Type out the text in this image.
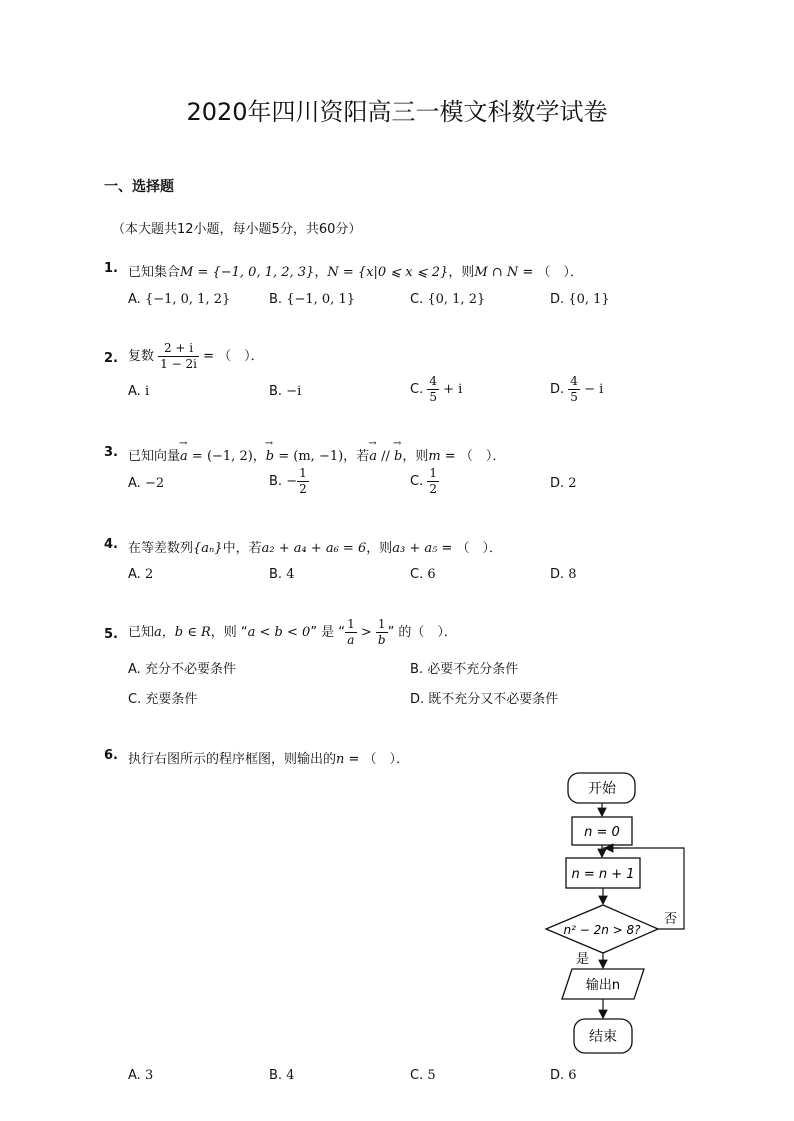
2020年四川资阳高三一模文科数学试卷
一、选择题
（本大题共12小题，每小题5分，共60分）
1. 已知集合M = {−1, 0, 1, 2, 3}，N = {x|0 ⩽ x ⩽ 2}，则M ∩ N = （　）．
A. {−1, 0, 1, 2}	B. {−1, 0, 1}	C. {0, 1, 2}	D. {0, 1}
2. 复数 $\frac{2 + i}{1 - 2i}$ = （　）．
A. i	B. −i	C. $\frac{4}{5} + i$	D. $\frac{4}{5} - i$
3. 已知向量→ a = (−1, 2)，→ b = (m, −1)，若→ a // → b，则m = （　）．
A. −2	B. − $\frac{1}{2}$	C. $\frac{1}{2}$	D. 2
4. 在等差数列{aₙ}中，若a₂ + a₄ + a₆ = 6，则a₃ + a₅ = （　）．
A. 2	B. 4	C. 6	D. 8
5. 已知a，b ∈ R，则 “a < b < 0” 是 “ $\frac{1}{a} > \frac{1}{b}$ ” 的（　）．
A. 充分不必要条件	B. 必要不充分条件
C. 充要条件	D. 既不充分又不必要条件
6. 执行右图所示的程序框图，则输出的n = （　）．
开始
n = 0
n = n + 1
n² − 2n > 8?
否
是
输出n
结束
A. 3	B. 4	C. 5	D. 6
